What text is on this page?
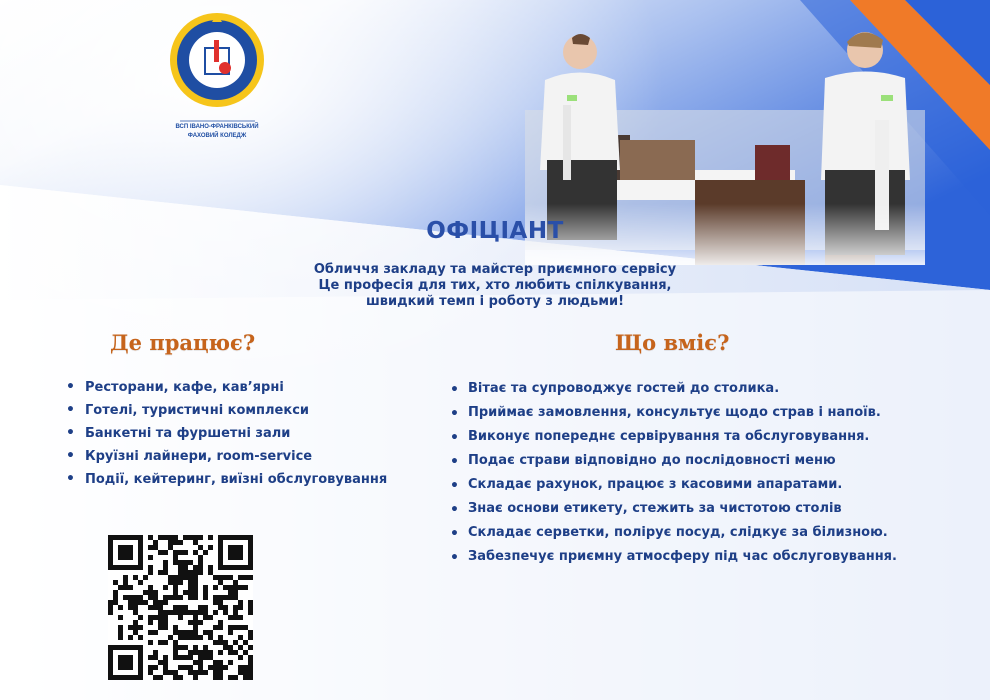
ВСП ІВАНО-ФРАНКІВСЬКИЙ
ФАХОВИЙ КОЛЕДЖ
ОФІЦІАНТ
Обличчя закладу та майстер приємного сервісу
Це професія для тих, хто любить спілкування,
швидкий темп і роботу з людьми!
Де працює?	Що вміє?
• Ресторани, кафе, кав’ярні
• Готелі, туристичні комплекси
• Банкетні та фуршетні зали
• Круїзні лайнери, room-service
• Події, кейтеринг, виїзні обслуговування
• Вітає та супроводжує гостей до столика.
• Приймає замовлення, консультує щодо страв і напоїв.
• Виконує попереднє сервірування та обслуговування.
• Подає страви відповідно до послідовності меню
• Складає рахунок, працює з касовими апаратами.
• Знає основи етикету, стежить за чистотою столів
• Складає серветки, полірує посуд, слідкує за білизною.
• Забезпечує приємну атмосферу під час обслуговування.
